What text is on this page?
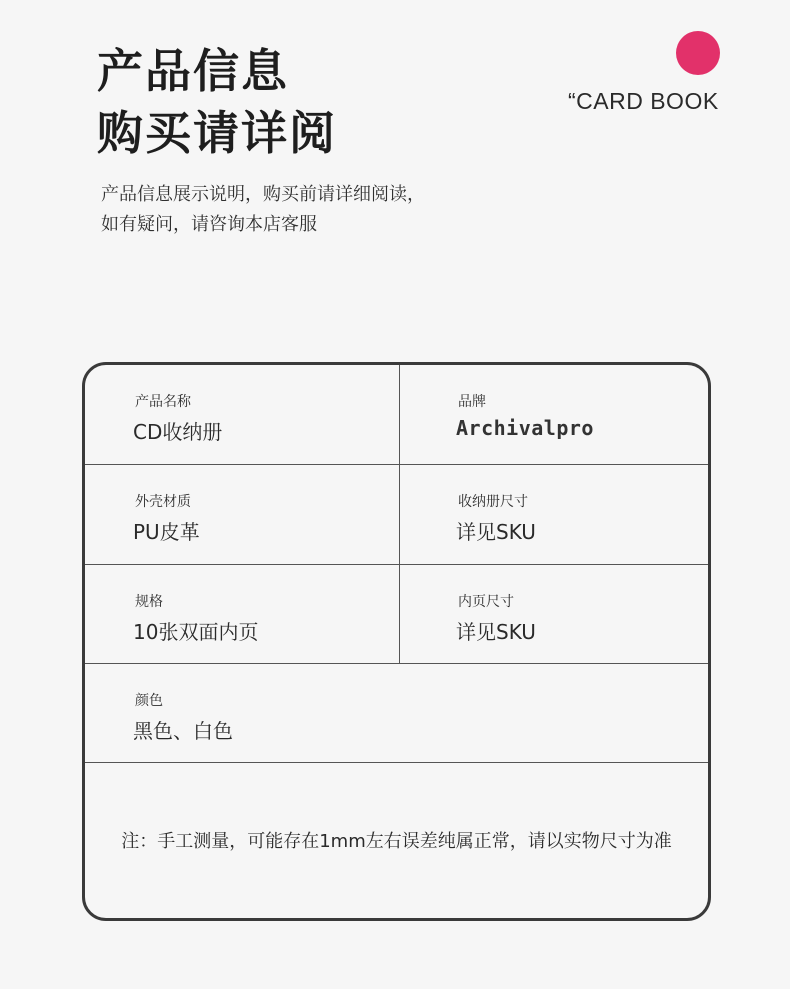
产品信息
购买请详阅
“CARD BOOK
产品信息展示说明，购买前请详细阅读，
如有疑问，请咨询本店客服
产品名称
CD收纳册
品牌
Archivalpro
外壳材质
PU皮革
收纳册尺寸
详见SKU
规格
10张双面内页
内页尺寸
详见SKU
颜色
黑色、白色
注：手工测量，可能存在1mm左右误差纯属正常，请以实物尺寸为准
